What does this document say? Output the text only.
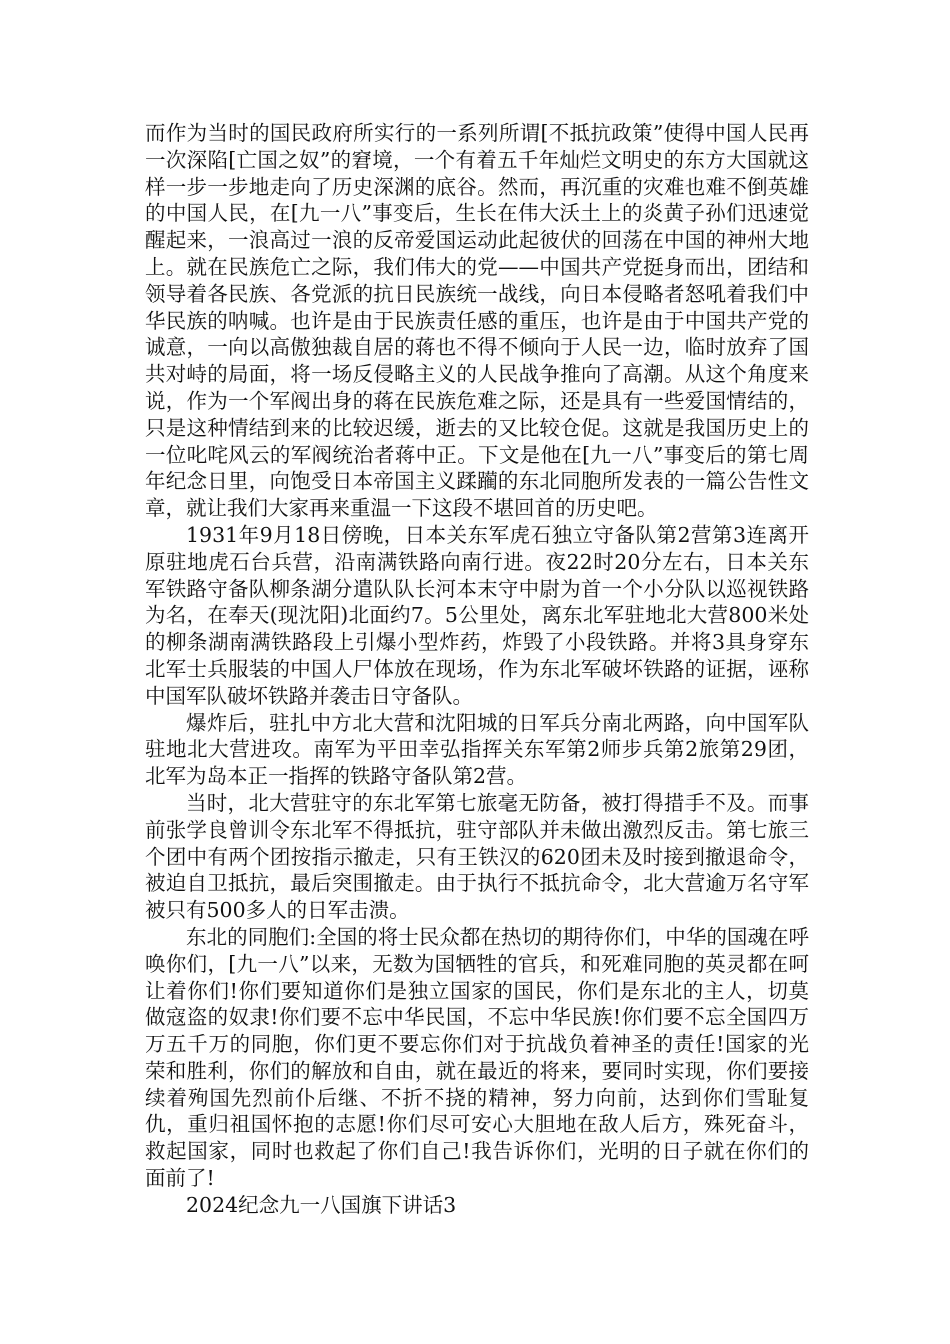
而作为当时的国民政府所实行的一系列所谓[不抵抗政策”使得中国人民再一次深陷[亡国之奴”的窘境，一个有着五千年灿烂文明史的东方大国就这样一步一步地走向了历史深渊的底谷。然而，再沉重的灾难也难不倒英雄的中国人民，在[九一八”事变后，生长在伟大沃土上的炎黄子孙们迅速觉醒起来，一浪高过一浪的反帝爱国运动此起彼伏的回荡在中国的神州大地上。就在民族危亡之际，我们伟大的党——中国共产党挺身而出，团结和领导着各民族、各党派的抗日民族统一战线，向日本侵略者怒吼着我们中华民族的呐喊。也许是由于民族责任感的重压，也许是由于中国共产党的诚意，一向以高傲独裁自居的蒋也不得不倾向于人民一边，临时放弃了国共对峙的局面，将一场反侵略主义的人民战争推向了高潮。从这个角度来说，作为一个军阀出身的蒋在民族危难之际，还是具有一些爱国情结的，只是这种情结到来的比较迟缓，逝去的又比较仓促。这就是我国历史上的一位叱咤风云的军阀统治者蒋中正。下文是他在[九一八”事变后的第七周年纪念日里，向饱受日本帝国主义蹂躏的东北同胞所发表的一篇公告性文章，就让我们大家再来重温一下这段不堪回首的历史吧。

1931年9月18日傍晚，日本关东军虎石独立守备队第2营第3连离开原驻地虎石台兵营，沿南满铁路向南行进。夜22时20分左右，日本关东军铁路守备队柳条湖分遣队队长河本末守中尉为首一个小分队以巡视铁路为名，在奉天(现沈阳)北面约7。5公里处，离东北军驻地北大营800米处的柳条湖南满铁路段上引爆小型炸药，炸毁了小段铁路。并将3具身穿东北军士兵服装的中国人尸体放在现场，作为东北军破坏铁路的证据，诬称中国军队破坏铁路并袭击日守备队。

爆炸后，驻扎中方北大营和沈阳城的日军兵分南北两路，向中国军队驻地北大营进攻。南军为平田幸弘指挥关东军第2师步兵第2旅第29团，北军为岛本正一指挥的铁路守备队第2营。

当时，北大营驻守的东北军第七旅毫无防备，被打得措手不及。而事前张学良曾训令东北军不得抵抗，驻守部队并未做出激烈反击。第七旅三个团中有两个团按指示撤走，只有王铁汉的620团未及时接到撤退命令，被迫自卫抵抗，最后突围撤走。由于执行不抵抗命令，北大营逾万名守军被只有500多人的日军击溃。

东北的同胞们:全国的将士民众都在热切的期待你们，中华的国魂在呼唤你们，[九一八”以来，无数为国牺牲的官兵，和死难同胞的英灵都在呵让着你们!你们要知道你们是独立国家的国民，你们是东北的主人，切莫做寇盗的奴隶!你们要不忘中华民国，不忘中华民族!你们要不忘全国四万万五千万的同胞，你们更不要忘你们对于抗战负着神圣的责任!国家的光荣和胜利，你们的解放和自由，就在最近的将来，要同时实现，你们要接续着殉国先烈前仆后继、不折不挠的精神，努力向前，达到你们雪耻复仇，重归祖国怀抱的志愿!你们尽可安心大胆地在敌人后方，殊死奋斗，救起国家，同时也救起了你们自己!我告诉你们，光明的日子就在你们的面前了!

2024纪念九一八国旗下讲话3
